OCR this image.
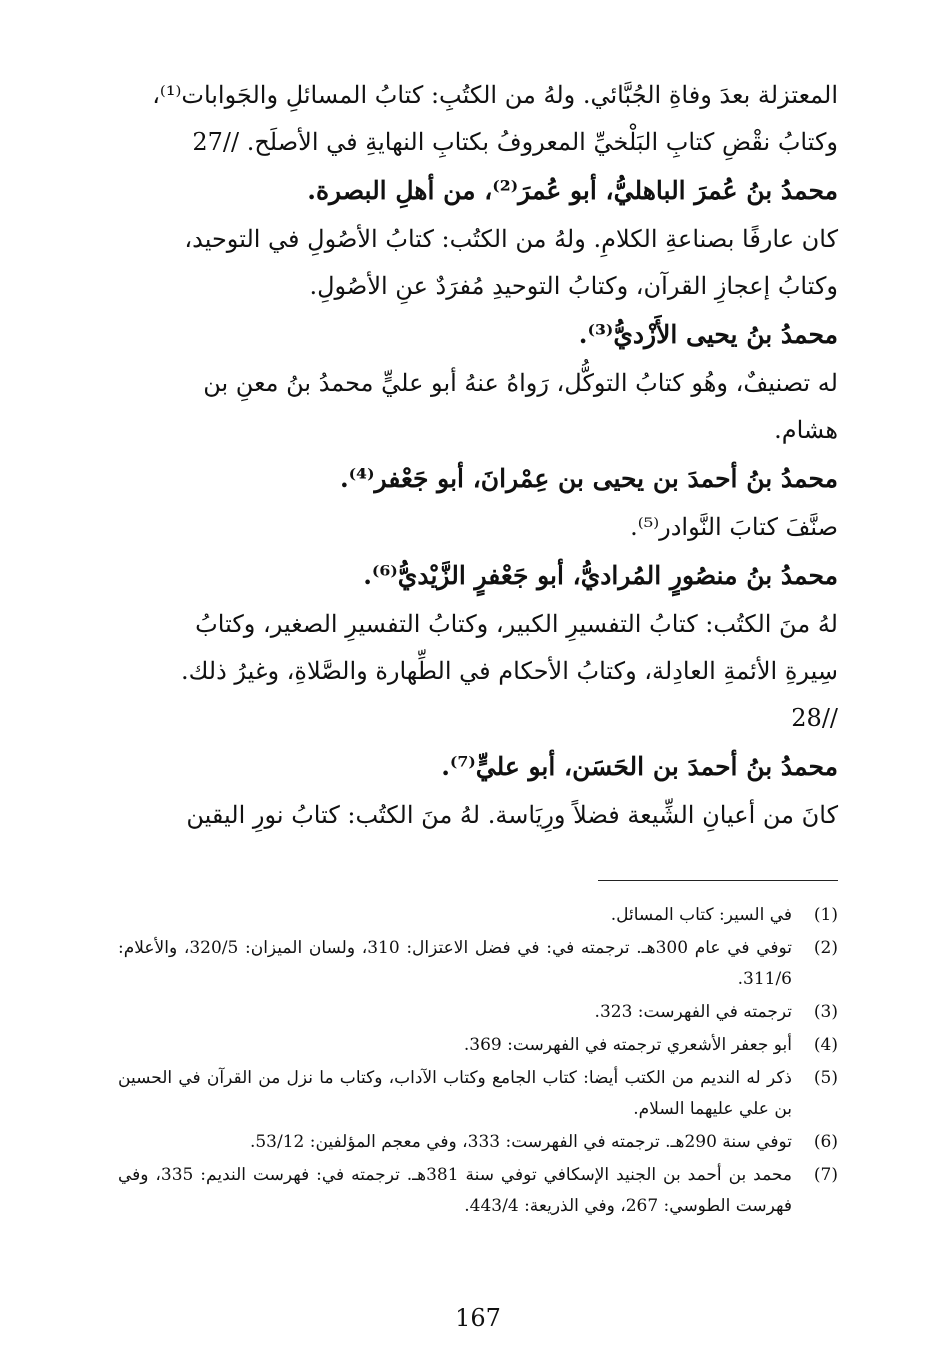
المعتزلة بعدَ وفاةِ الجُبَّائي. ولهُ من الكتُبِ: كتابُ المسائلِ والجَوابات⁽¹⁾،

وكتابُ نقْضِ كتابِ البَلْخيِّ المعروفُ بكتابِ النهايةِ في الأصلَح. 27//

محمدُ بنُ عُمرَ الباهليُّ، أبو عُمرَ⁽²⁾، من أهلِ البصرة.

كان عارفًا بصناعةِ الكلامِ. ولهُ من الكتُب: كتابُ الأصُولِ في التوحيد،

وكتابُ إعجازِ القرآن، وكتابُ التوحيدِ مُفرَدٌ عنِ الأصُولِ.

محمدُ بنُ يحيى الأَزْديُّ⁽³⁾.

له تصنيفٌ، وهُو كتابُ التوكُّل، رَواهُ عنهُ أبو عليٍّ محمدُ بنُ معنِ بن

هشام.

محمدُ بنُ أحمدَ بن يحيى بن عِمْرانَ، أبو جَعْفر⁽⁴⁾.

صنَّفَ كتابَ النَّوادر⁽⁵⁾.

محمدُ بنُ منصُورٍ المُراديُّ، أبو جَعْفرٍ الزَّيْديُّ⁽⁶⁾.

لهُ منَ الكتُب: كتابُ التفسيرِ الكبير، وكتابُ التفسيرِ الصغير، وكتابُ

سِيرةِ الأئمةِ العادِلة، وكتابُ الأحكام في الطِّهارة والصَّلاةِ، وغيرُ ذلك.

28//

محمدُ بنُ أحمدَ بن الحَسَن، أبو عليٍّ⁽⁷⁾.

كانَ من أعيانِ الشِّيعة فضلاً ورِيَاسة. لهُ منَ الكتُب: كتابُ نورِ اليقين

(1)
في السير: كتاب المسائل.
(2)
توفي في عام 300هـ. ترجمته في: في فضل الاعتزال: 310، ولسان الميزان: 320/5، والأعلام: 311/6.
(3)
ترجمته في الفهرست: 323.
(4)
أبو جعفر الأشعري ترجمته في الفهرست: 369.
(5)
ذكر له النديم من الكتب أيضا: كتاب الجامع وكتاب الآداب، وكتاب ما نزل من القرآن في الحسين بن علي عليهما السلام.
(6)
توفي سنة 290هـ. ترجمته في الفهرست: 333، وفي معجم المؤلفين: 53/12.
(7)
محمد بن أحمد بن الجنيد الإسكافي توفي سنة 381هـ. ترجمته في: فهرست النديم: 335، وفي فهرست الطوسي: 267، وفي الذريعة: 443/4.
167
